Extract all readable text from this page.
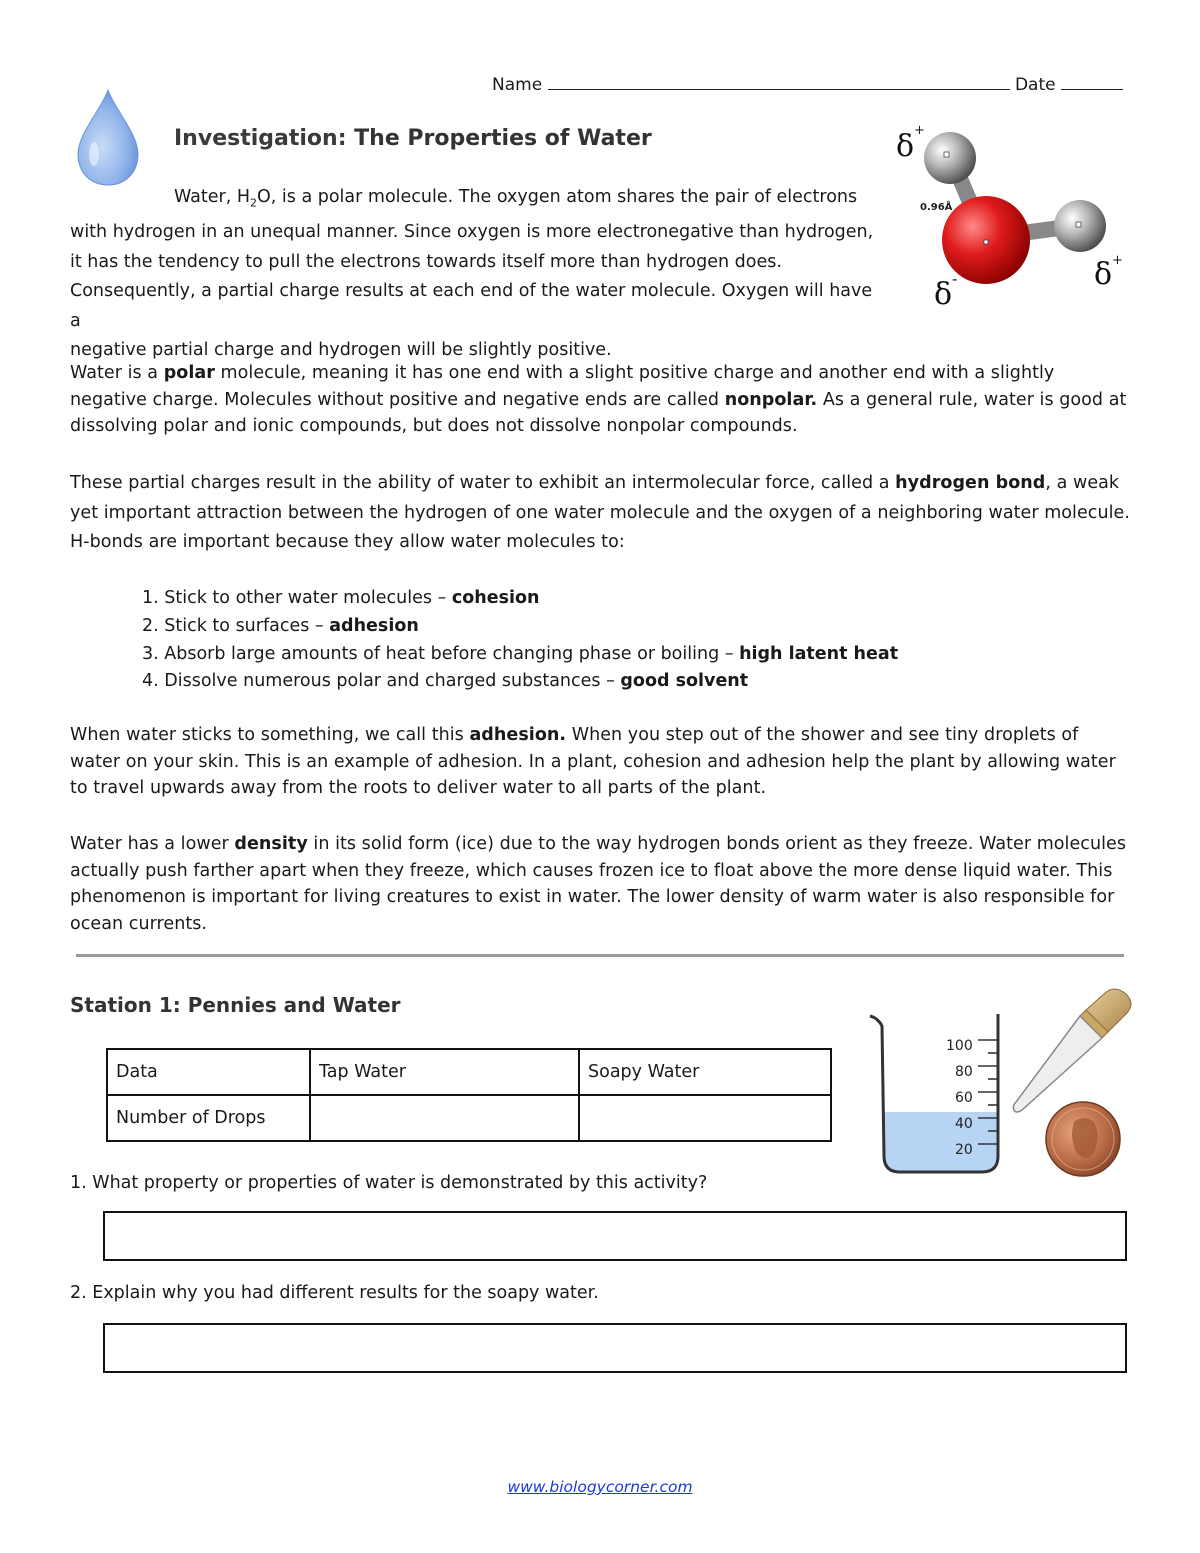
Name	Date
Investigation: The Properties of Water
Water, $H_2O$, is a polar molecule. The oxygen atom shares the pair of electrons
with hydrogen in an unequal manner. Since oxygen is more electronegative than hydrogen,
it has the tendency to pull the electrons towards itself more than hydrogen does.
Consequently, a partial charge results at each end of the water molecule. Oxygen will have a
negative partial charge and hydrogen will be slightly positive.
0.96Å
δ +
δ -	δ +
Water is a polar molecule, meaning it has one end with a slight positive charge and another end with a slightly negative charge. Molecules without positive and negative ends are called nonpolar. As a general rule, water is good at dissolving polar and ionic compounds, but does not dissolve nonpolar compounds.
These partial charges result in the ability of water to exhibit an intermolecular force, called a hydrogen bond, a weak yet important attraction between the hydrogen of one water molecule and the oxygen of a neighboring water molecule. H-bonds are important because they allow water molecules to:
1. Stick to other water molecules – cohesion
2. Stick to surfaces – adhesion
3. Absorb large amounts of heat before changing phase or boiling – high latent heat
4. Dissolve numerous polar and charged substances – good solvent
When water sticks to something, we call this adhesion. When you step out of the shower and see tiny droplets of water on your skin. This is an example of adhesion. In a plant, cohesion and adhesion help the plant by allowing water to travel upwards away from the roots to deliver water to all parts of the plant.
Water has a lower density in its solid form (ice) due to the way hydrogen bonds orient as they freeze. Water molecules actually push farther apart when they freeze, which causes frozen ice to float above the more dense liquid water. This phenomenon is important for living creatures to exist in water. The lower density of warm water is also responsible for ocean currents.
Station 1: Pennies and Water
Data	Tap Water	Soapy Water
Number of Drops		
100
80
60
40
20
1. What property or properties of water is demonstrated by this activity?
2. Explain why you had different results for the soapy water.
www.biologycorner.com
